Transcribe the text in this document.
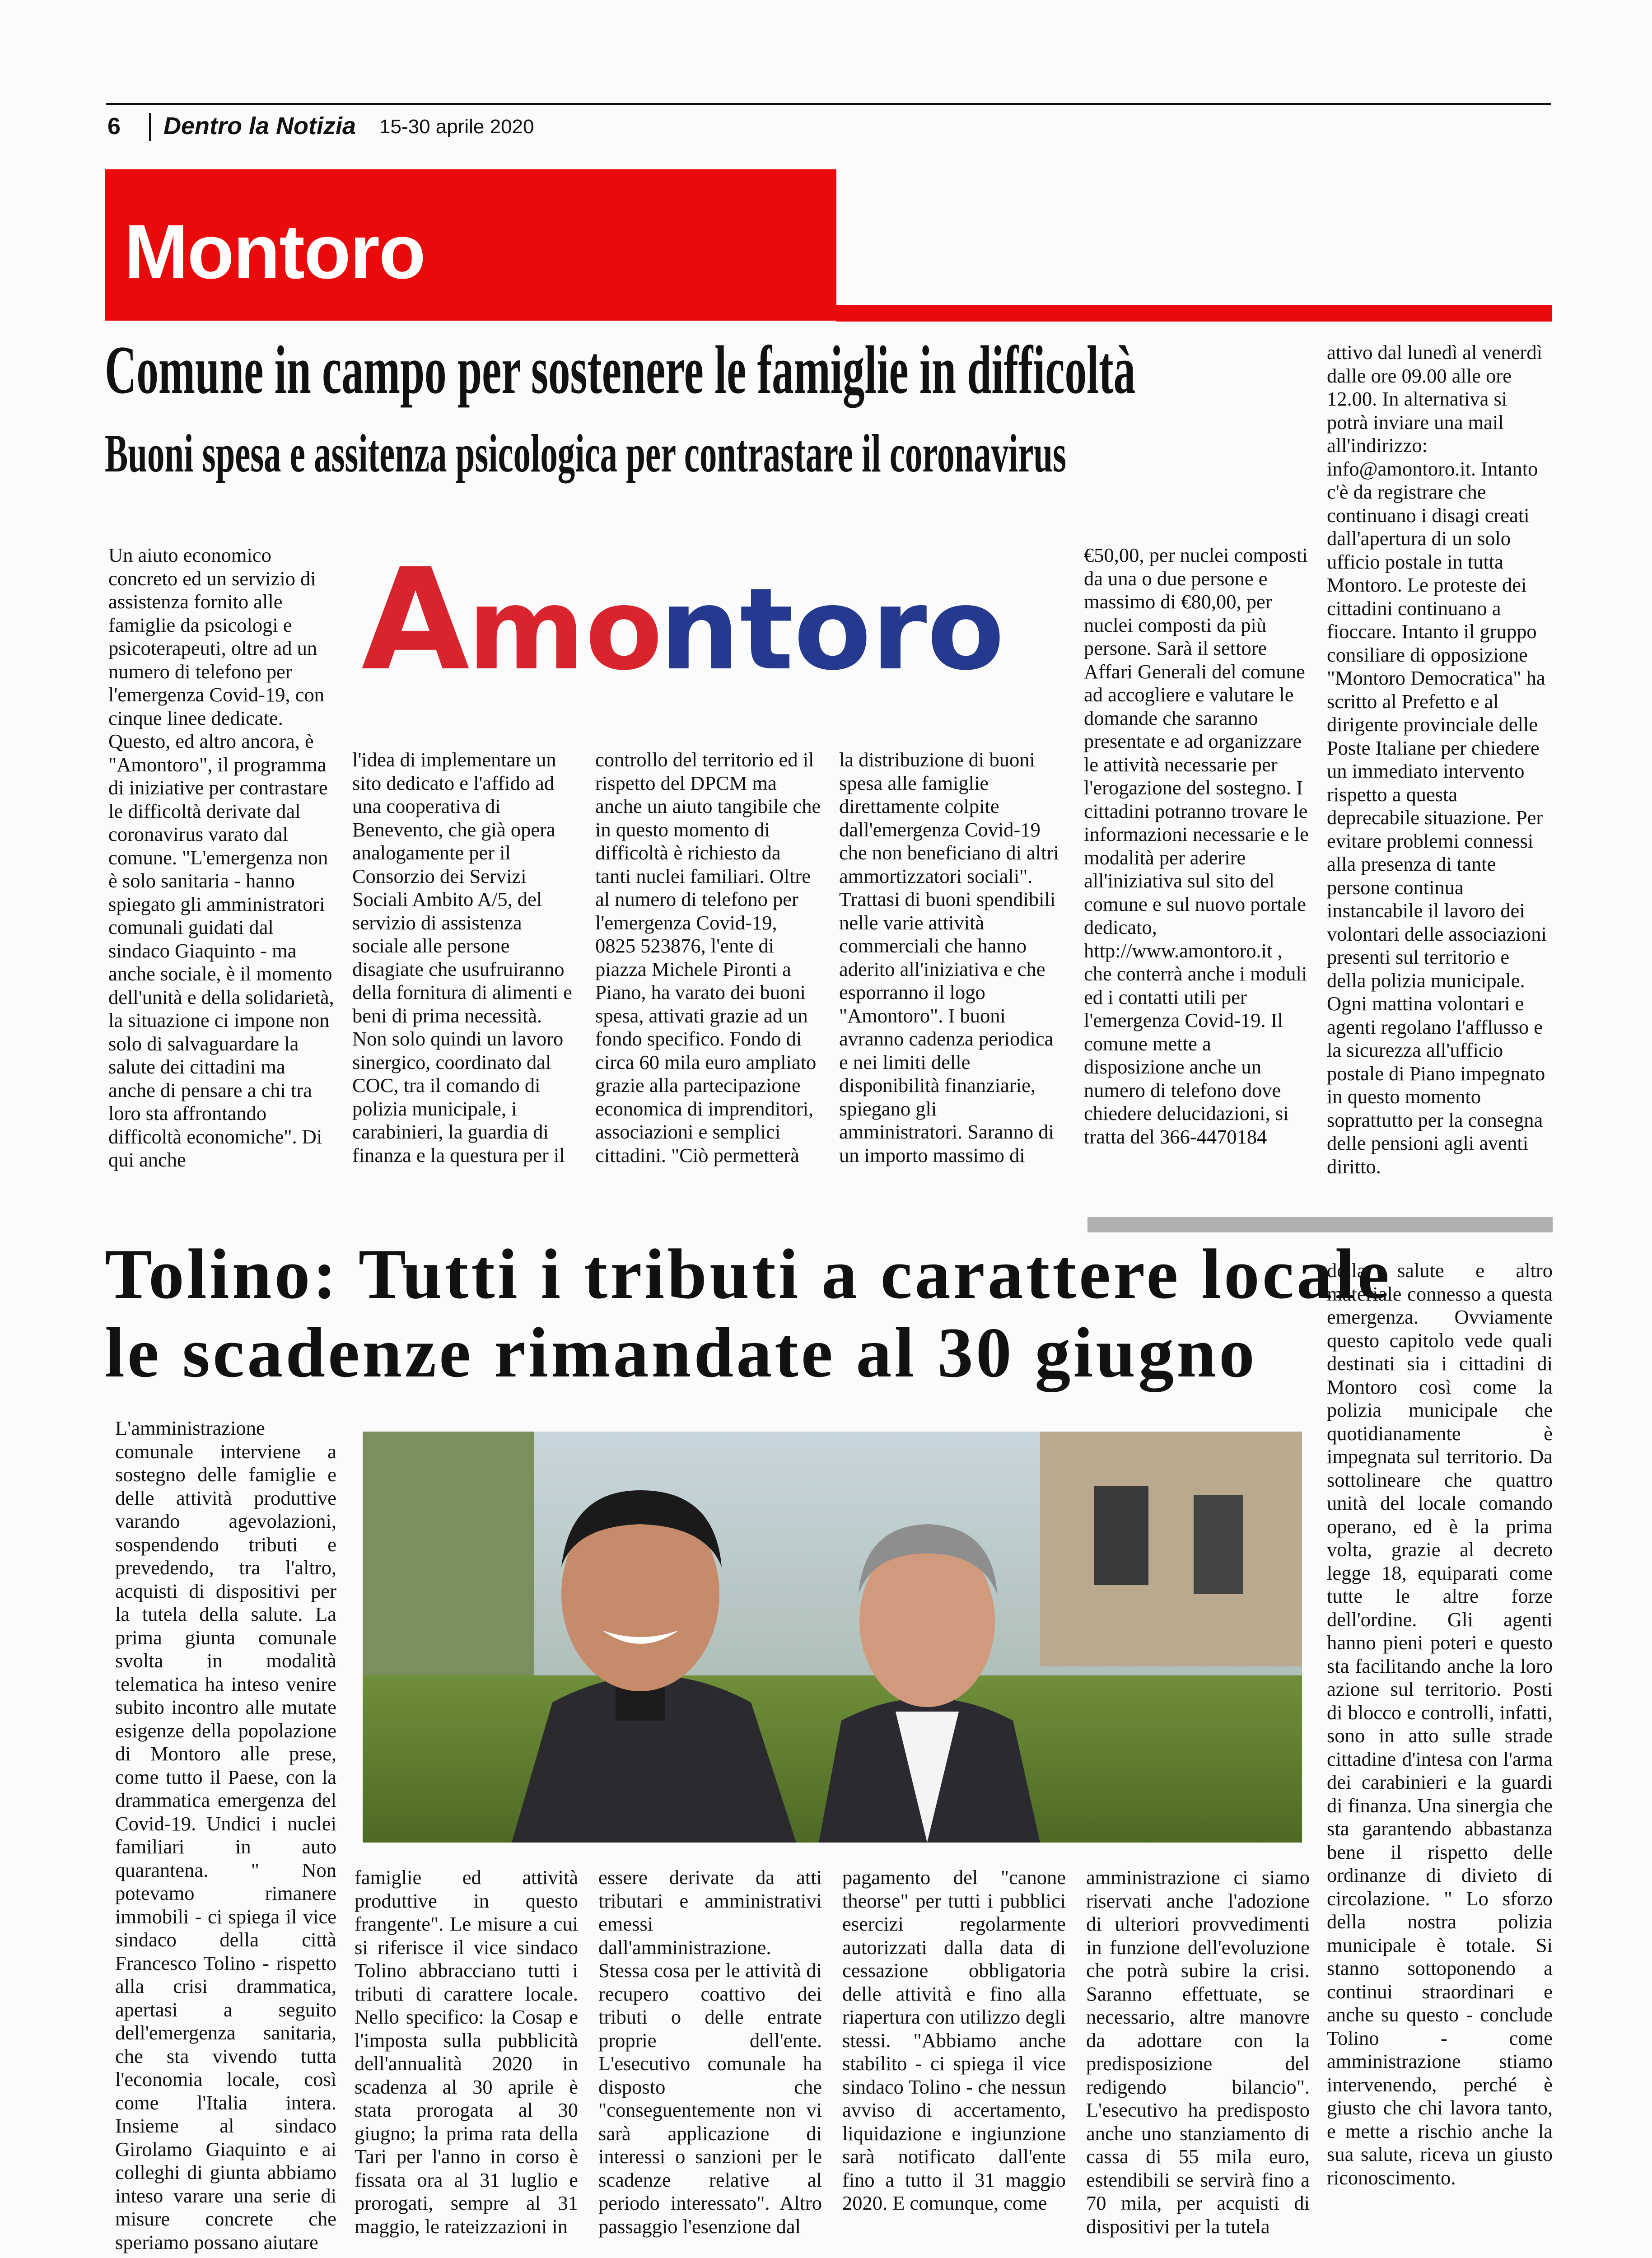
6 Dentro la Notizia 15-30 aprile 2020
Montoro
Comune in campo per sostenere le famiglie in difficoltà
Buoni spesa e assitenza psicologica per contrastare il coronavirus
A
mo
ntoro
Un aiuto economico concreto ed un servizio di assistenza fornito alle famiglie da psicologi e psicoterapeuti, oltre ad un numero di telefono per l'emergenza Covid-19, con cinque linee dedicate. Questo, ed altro ancora, è "Amontoro", il programma di iniziative per contrastare le difficoltà derivate dal coronavirus varato dal comune. "L'emergenza non è solo sanitaria - hanno spiegato gli amministratori comunali guidati dal sindaco Giaquinto - ma anche sociale, è il momento dell'unità e della solidarietà, la situazione ci impone non solo di salvaguardare la salute dei cittadini ma anche di pensare a chi tra loro sta affrontando difficoltà economiche". Di qui anche
l'idea di implementare un sito dedicato e l'affido ad una cooperativa di Benevento, che già opera analogamente per il Consorzio dei Servizi Sociali Ambito A/5, del servizio di assistenza sociale alle persone disagiate che usufruiranno della fornitura di alimenti e beni di prima necessità. Non solo quindi un lavoro sinergico, coordinato dal COC, tra il comando di polizia municipale, i carabinieri, la guardia di finanza e la questura per il
controllo del territorio ed il rispetto del DPCM ma anche un aiuto tangibile che in questo momento di difficoltà è richiesto da tanti nuclei familiari. Oltre al numero di telefono per l'emergenza Covid-19, 0825 523876, l'ente di piazza Michele Pironti a Piano, ha varato dei buoni spesa, attivati grazie ad un fondo specifico. Fondo di circa 60 mila euro ampliato grazie alla partecipazione economica di imprenditori, associazioni e semplici cittadini. "Ciò permetterà
la distribuzione di buoni spesa alle famiglie direttamente colpite dall'emergenza Covid-19 che non beneficiano di altri ammortizzatori sociali". Trattasi di buoni spendibili nelle varie attività commerciali che hanno aderito all'iniziativa e che esporranno il logo "Amontoro". I buoni avranno cadenza periodica e nei limiti delle disponibilità finanziarie, spiegano gli amministratori. Saranno di un importo massimo di
€50,00, per nuclei composti da una o due persone e massimo di €80,00, per nuclei composti da più persone. Sarà il settore Affari Generali del comune ad accogliere e valutare le domande che saranno presentate e ad organizzare le attività necessarie per l'erogazione del sostegno. I cittadini potranno trovare le informazioni necessarie e le modalità per aderire all'iniziativa sul sito del comune e sul nuovo portale dedicato, http://www.amontoro.it , che conterrà anche i moduli ed i contatti utili per l'emergenza Covid-19. Il comune mette a disposizione anche un numero di telefono dove chiedere delucidazioni, si tratta del 366-4470184
attivo dal lunedì al venerdì dalle ore 09.00 alle ore 12.00. In alternativa si potrà inviare una mail all'indirizzo: info@amontoro.it. Intanto c'è da registrare che continuano i disagi creati dall'apertura di un solo ufficio postale in tutta Montoro. Le proteste dei cittadini continuano a fioccare. Intanto il gruppo consiliare di opposizione "Montoro Democratica" ha scritto al Prefetto e al dirigente provinciale delle Poste Italiane per chiedere un immediato intervento rispetto a questa deprecabile situazione. Per evitare problemi connessi alla presenza di tante persone continua instancabile il lavoro dei volontari delle associazioni presenti sul territorio e della polizia municipale. Ogni mattina volontari e agenti regolano l'afflusso e la sicurezza all'ufficio postale di Piano impegnato in questo momento soprattutto per la consegna delle pensioni agli aventi diritto.
Tolino: Tutti i tributi a carattere locale
le scadenze rimandate al 30 giugno
L'amministrazione comunale interviene a sostegno delle famiglie e delle attività produttive varando agevolazioni, sospendendo tributi e prevedendo, tra l'altro, acquisti di dispositivi per la tutela della salute. La prima giunta comunale svolta in modalità telematica ha inteso venire subito incontro alle mutate esigenze della popolazione di Montoro alle prese, come tutto il Paese, con la drammatica emergenza del Covid-19. Undici i nuclei familiari in auto quarantena. " Non potevamo rimanere immobili - ci spiega il vice sindaco della città Francesco Tolino - rispetto alla crisi drammatica, apertasi a seguito dell'emergenza sanitaria, che sta vivendo tutta l'economia locale, così come l'Italia intera. Insieme al sindaco Girolamo Giaquinto e ai colleghi di giunta abbiamo inteso varare una serie di misure concrete che speriamo possano aiutare
famiglie ed attività produttive in questo frangente". Le misure a cui si riferisce il vice sindaco Tolino abbracciano tutti i tributi di carattere locale. Nello specifico: la Cosap e l'imposta sulla pubblicità dell'annualità 2020 in scadenza al 30 aprile è stata prorogata al 30 giugno; la prima rata della Tari per l'anno in corso è fissata ora al 31 luglio e prorogati, sempre al 31 maggio, le rateizzazioni in
essere derivate da atti tributari e amministrativi emessi dall'amministrazione. Stessa cosa per le attività di recupero coattivo dei tributi o delle entrate proprie dell'ente. L'esecutivo comunale ha disposto che "conseguentemente non vi sarà applicazione di interessi o sanzioni per le scadenze relative al periodo interessato". Altro passaggio l'esenzione dal
pagamento del "canone theorse" per tutti i pubblici esercizi regolarmente autorizzati dalla data di cessazione obbligatoria delle attività e fino alla riapertura con utilizzo degli stessi. "Abbiamo anche stabilito - ci spiega il vice sindaco Tolino - che nessun avviso di accertamento, liquidazione e ingiunzione sarà notificato dall'ente fino a tutto il 31 maggio 2020. E comunque, come
amministrazione ci siamo riservati anche l'adozione di ulteriori provvedimenti in funzione dell'evoluzione che potrà subire la crisi. Saranno effettuate, se necessario, altre manovre da adottare con la predisposizione del redigendo bilancio". L'esecutivo ha predisposto anche uno stanziamento di cassa di 55 mila euro, estendibili se servirà fino a 70 mila, per acquisti di dispositivi per la tutela
della salute e altro materiale connesso a questa emergenza. Ovviamente questo capitolo vede quali destinati sia i cittadini di Montoro così come la polizia municipale che quotidianamente è impegnata sul territorio. Da sottolineare che quattro unità del locale comando operano, ed è la prima volta, grazie al decreto legge 18, equiparati come tutte le altre forze dell'ordine. Gli agenti hanno pieni poteri e questo sta facilitando anche la loro azione sul territorio. Posti di blocco e controlli, infatti, sono in atto sulle strade cittadine d'intesa con l'arma dei carabinieri e la guardi di finanza. Una sinergia che sta garantendo abbastanza bene il rispetto delle ordinanze di divieto di circolazione. " Lo sforzo della nostra polizia municipale è totale. Si stanno sottoponendo a continui straordinari e anche su questo - conclude Tolino - come amministrazione stiamo intervenendo, perché è giusto che chi lavora tanto, e mette a rischio anche la sua salute, riceva un giusto riconoscimento.
